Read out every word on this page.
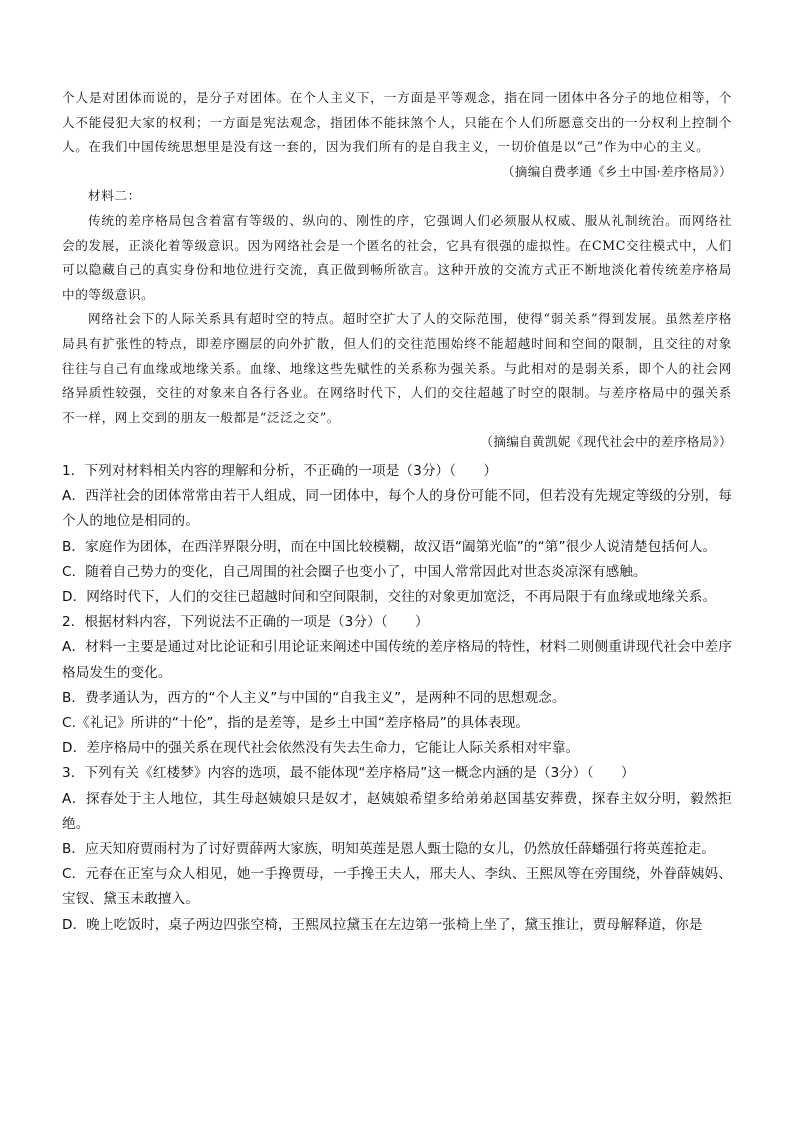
个人是对团体而说的，是分子对团体。在个人主义下，一方面是平等观念，指在同一团体中各分子的地位相等，个人不能侵犯大家的权利；一方面是宪法观念，指团体不能抹煞个人，只能在个人们所愿意交出的一分权利上控制个人。在我们中国传统思想里是没有这一套的，因为我们所有的是自我主义，一切价值是以“己”作为中心的主义。

（摘编自费孝通《乡土中国·差序格局》）

材料二：

传统的差序格局包含着富有等级的、纵向的、刚性的序，它强调人们必须服从权威、服从礼制统治。而网络社会的发展，正淡化着等级意识。因为网络社会是一个匿名的社会，它具有很强的虚拟性。在CMC交往模式中，人们可以隐藏自己的真实身份和地位进行交流，真正做到畅所欲言。这种开放的交流方式正不断地淡化着传统差序格局中的等级意识。

网络社会下的人际关系具有超时空的特点。超时空扩大了人的交际范围，使得“弱关系”得到发展。虽然差序格局具有扩张性的特点，即差序圈层的向外扩散，但人们的交往范围始终不能超越时间和空间的限制，且交往的对象往往与自己有血缘或地缘关系。血缘、地缘这些先赋性的关系称为强关系。与此相对的是弱关系，即个人的社会网络异质性较强，交往的对象来自各行各业。在网络时代下，人们的交往超越了时空的限制。与差序格局中的强关系不一样，网上交到的朋友一般都是“泛泛之交”。

（摘编自黄凯妮《现代社会中的差序格局》）

1．下列对材料相关内容的理解和分析，不正确的一项是（3分）（　　）

A．西洋社会的团体常常由若干人组成，同一团体中，每个人的身份可能不同，但若没有先规定等级的分别，每个人的地位是相同的。

B．家庭作为团体，在西洋界限分明，而在中国比较模糊，故汉语“阖第光临”的“第”很少人说清楚包括何人。

C．随着自己势力的变化，自己周围的社会圈子也变小了，中国人常常因此对世态炎凉深有感触。

D．网络时代下，人们的交往已超越时间和空间限制，交往的对象更加宽泛，不再局限于有血缘或地缘关系。

2．根据材料内容，下列说法不正确的一项是（3分）（　　）

A．材料一主要是通过对比论证和引用论证来阐述中国传统的差序格局的特性，材料二则侧重讲现代社会中差序格局发生的变化。

B．费孝通认为，西方的“个人主义”与中国的“自我主义”，是两种不同的思想观念。

C.《礼记》所讲的“十伦”，指的是差等，是乡土中国“差序格局”的具体表现。

D．差序格局中的强关系在现代社会依然没有失去生命力，它能让人际关系相对牢靠。

3．下列有关《红楼梦》内容的选项，最不能体现“差序格局”这一概念内涵的是（3分）（　　）

A．探春处于主人地位，其生母赵姨娘只是奴才，赵姨娘希望多给弟弟赵国基安葬费，探春主奴分明，毅然拒绝。

B．应天知府贾雨村为了讨好贾薛两大家族，明知英莲是恩人甄士隐的女儿，仍然放任薛蟠强行将英莲抢走。

C．元春在正室与众人相见，她一手搀贾母，一手搀王夫人，邢夫人、李纨、王熙凤等在旁围绕，外眷薛姨妈、宝钗、黛玉未敢擅入。

D．晚上吃饭时，桌子两边四张空椅，王熙凤拉黛玉在左边第一张椅上坐了，黛玉推让，贾母解释道，你是
